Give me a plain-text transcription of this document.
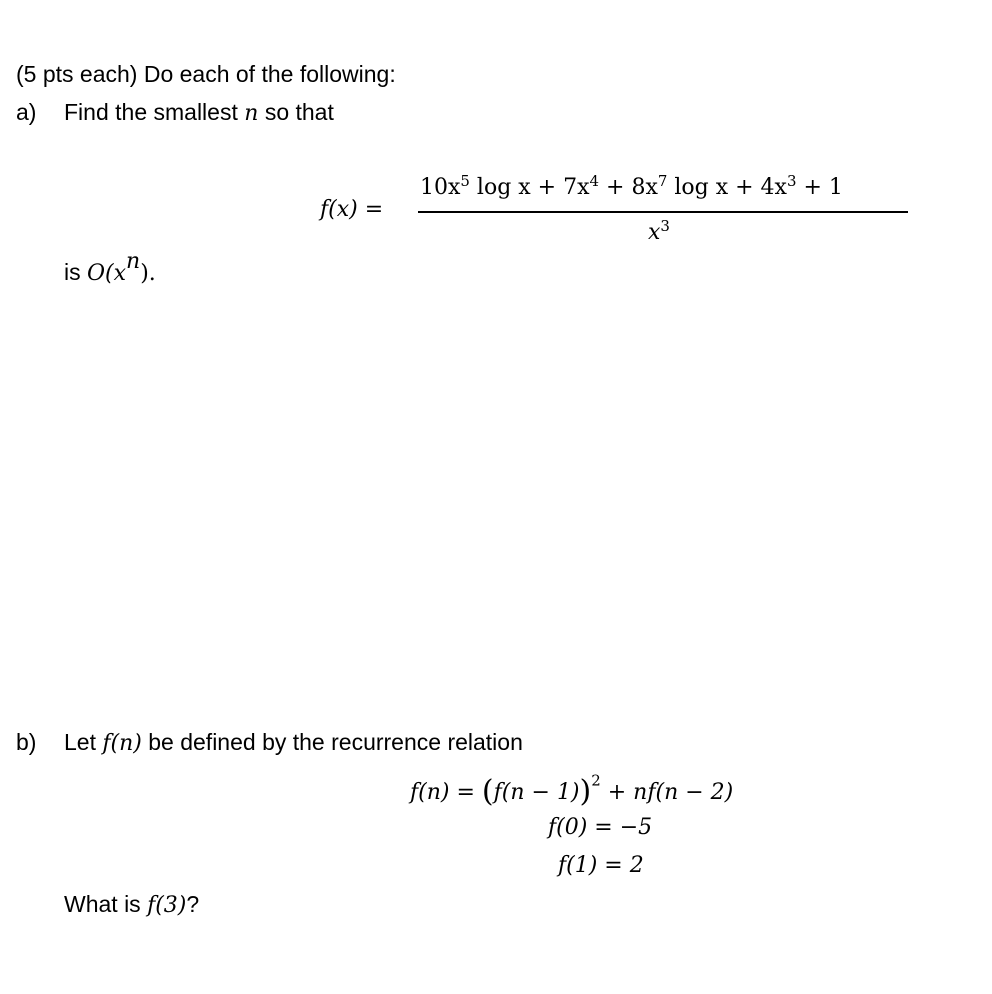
(5 pts each) Do each of the following:
a) Find the smallest n so that
f(x) =
$10x^5$ $\log x + 7x^4 + 8x^7$ $\log x + 4x^3 + 1$
$x^3$
is $O(x^n)$.
b) Let f(n) be defined by the recurrence relation
$f(n) = (f(n - 1))^2 + nf(n - 2)$
f(0) = −5
f(1) = 2
What is f(3)?
